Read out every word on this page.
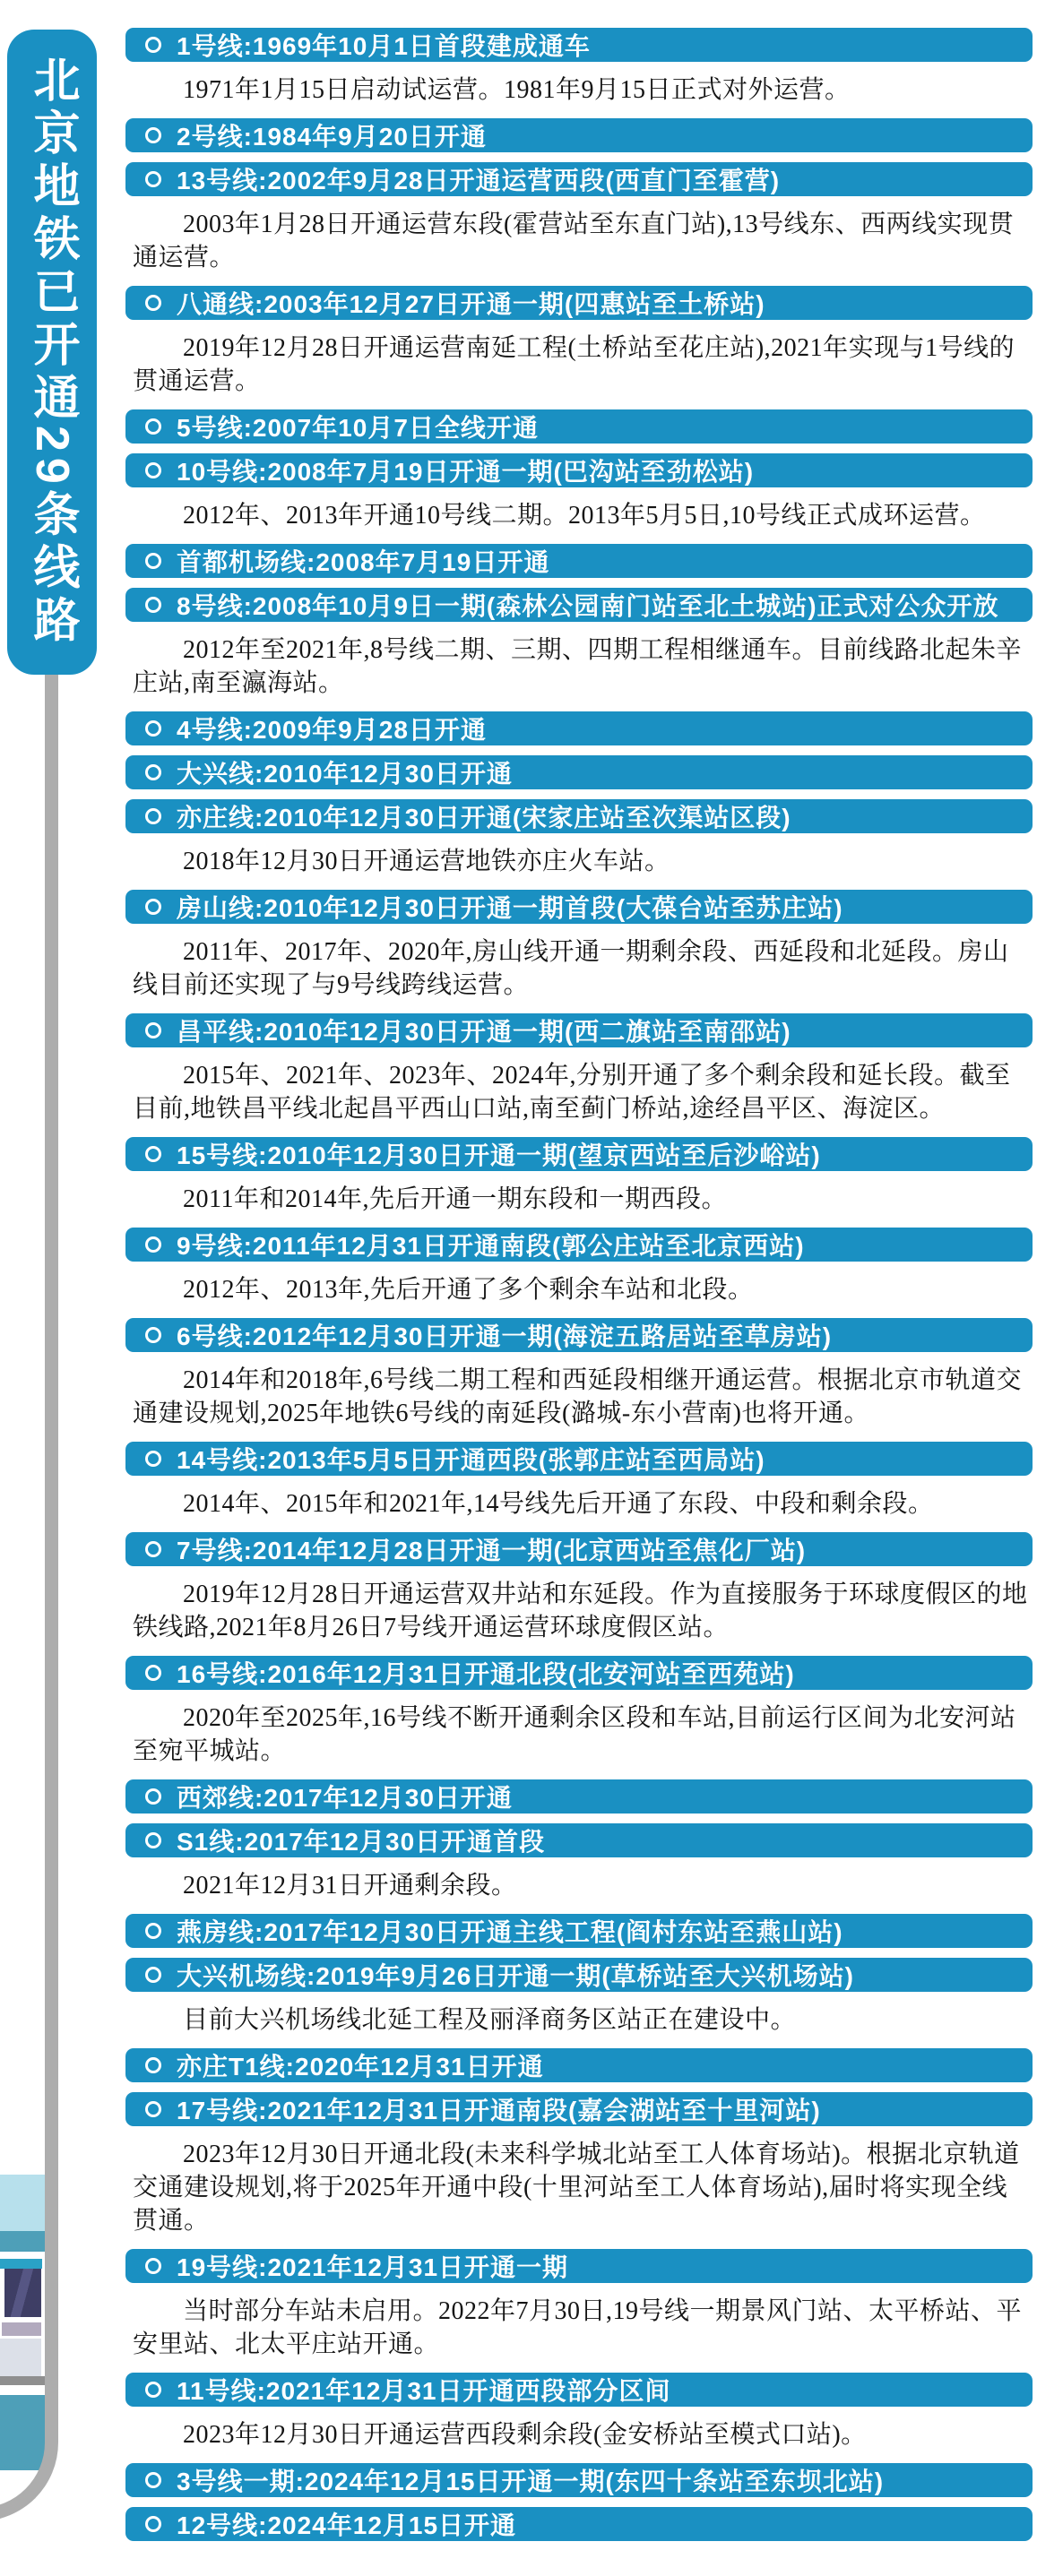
北京地铁已开通29条线路
1号线:1969年10月1日首段建成通车

1971年1月15日启动试运营。1981年9月15日正式对外运营。

2号线:1984年9月20日开通
13号线:2002年9月28日开通运营西段(西直门至霍营)

2003年1月28日开通运营东段(霍营站至东直门站),13号线东、西两线实现贯通运营。

八通线:2003年12月27日开通一期(四惠站至土桥站)

2019年12月28日开通运营南延工程(土桥站至花庄站),2021年实现与1号线的贯通运营。

5号线:2007年10月7日全线开通
10号线:2008年7月19日开通一期(巴沟站至劲松站)

2012年、2013年开通10号线二期。2013年5月5日,10号线正式成环运营。

首都机场线:2008年7月19日开通
8号线:2008年10月9日一期(森林公园南门站至北土城站)正式对公众开放

2012年至2021年,8号线二期、三期、四期工程相继通车。目前线路北起朱辛庄站,南至瀛海站。

4号线:2009年9月28日开通
大兴线:2010年12月30日开通
亦庄线:2010年12月30日开通(宋家庄站至次渠站区段)

2018年12月30日开通运营地铁亦庄火车站。

房山线:2010年12月30日开通一期首段(大葆台站至苏庄站)

2011年、2017年、2020年,房山线开通一期剩余段、西延段和北延段。房山线目前还实现了与9号线跨线运营。

昌平线:2010年12月30日开通一期(西二旗站至南邵站)

2015年、2021年、2023年、2024年,分别开通了多个剩余段和延长段。截至目前,地铁昌平线北起昌平西山口站,南至蓟门桥站,途经昌平区、海淀区。

15号线:2010年12月30日开通一期(望京西站至后沙峪站)

2011年和2014年,先后开通一期东段和一期西段。

9号线:2011年12月31日开通南段(郭公庄站至北京西站)

2012年、2013年,先后开通了多个剩余车站和北段。

6号线:2012年12月30日开通一期(海淀五路居站至草房站)

2014年和2018年,6号线二期工程和西延段相继开通运营。根据北京市轨道交通建设规划,2025年地铁6号线的南延段(潞城-东小营南)也将开通。

14号线:2013年5月5日开通西段(张郭庄站至西局站)

2014年、2015年和2021年,14号线先后开通了东段、中段和剩余段。

7号线:2014年12月28日开通一期(北京西站至焦化厂站)

2019年12月28日开通运营双井站和东延段。作为直接服务于环球度假区的地铁线路,2021年8月26日7号线开通运营环球度假区站。

16号线:2016年12月31日开通北段(北安河站至西苑站)

2020年至2025年,16号线不断开通剩余区段和车站,目前运行区间为北安河站至宛平城站。

西郊线:2017年12月30日开通
S1线:2017年12月30日开通首段

2021年12月31日开通剩余段。

燕房线:2017年12月30日开通主线工程(阎村东站至燕山站)
大兴机场线:2019年9月26日开通一期(草桥站至大兴机场站)

目前大兴机场线北延工程及丽泽商务区站正在建设中。

亦庄T1线:2020年12月31日开通
17号线:2021年12月31日开通南段(嘉会湖站至十里河站)

2023年12月30日开通北段(未来科学城北站至工人体育场站)。根据北京轨道交通建设规划,将于2025年开通中段(十里河站至工人体育场站),届时将实现全线贯通。

19号线:2021年12月31日开通一期

当时部分车站未启用。2022年7月30日,19号线一期景风门站、太平桥站、平安里站、北太平庄站开通。

11号线:2021年12月31日开通西段部分区间

2023年12月30日开通运营西段剩余段(金安桥站至模式口站)。

3号线一期:2024年12月15日开通一期(东四十条站至东坝北站)
12号线:2024年12月15日开通
